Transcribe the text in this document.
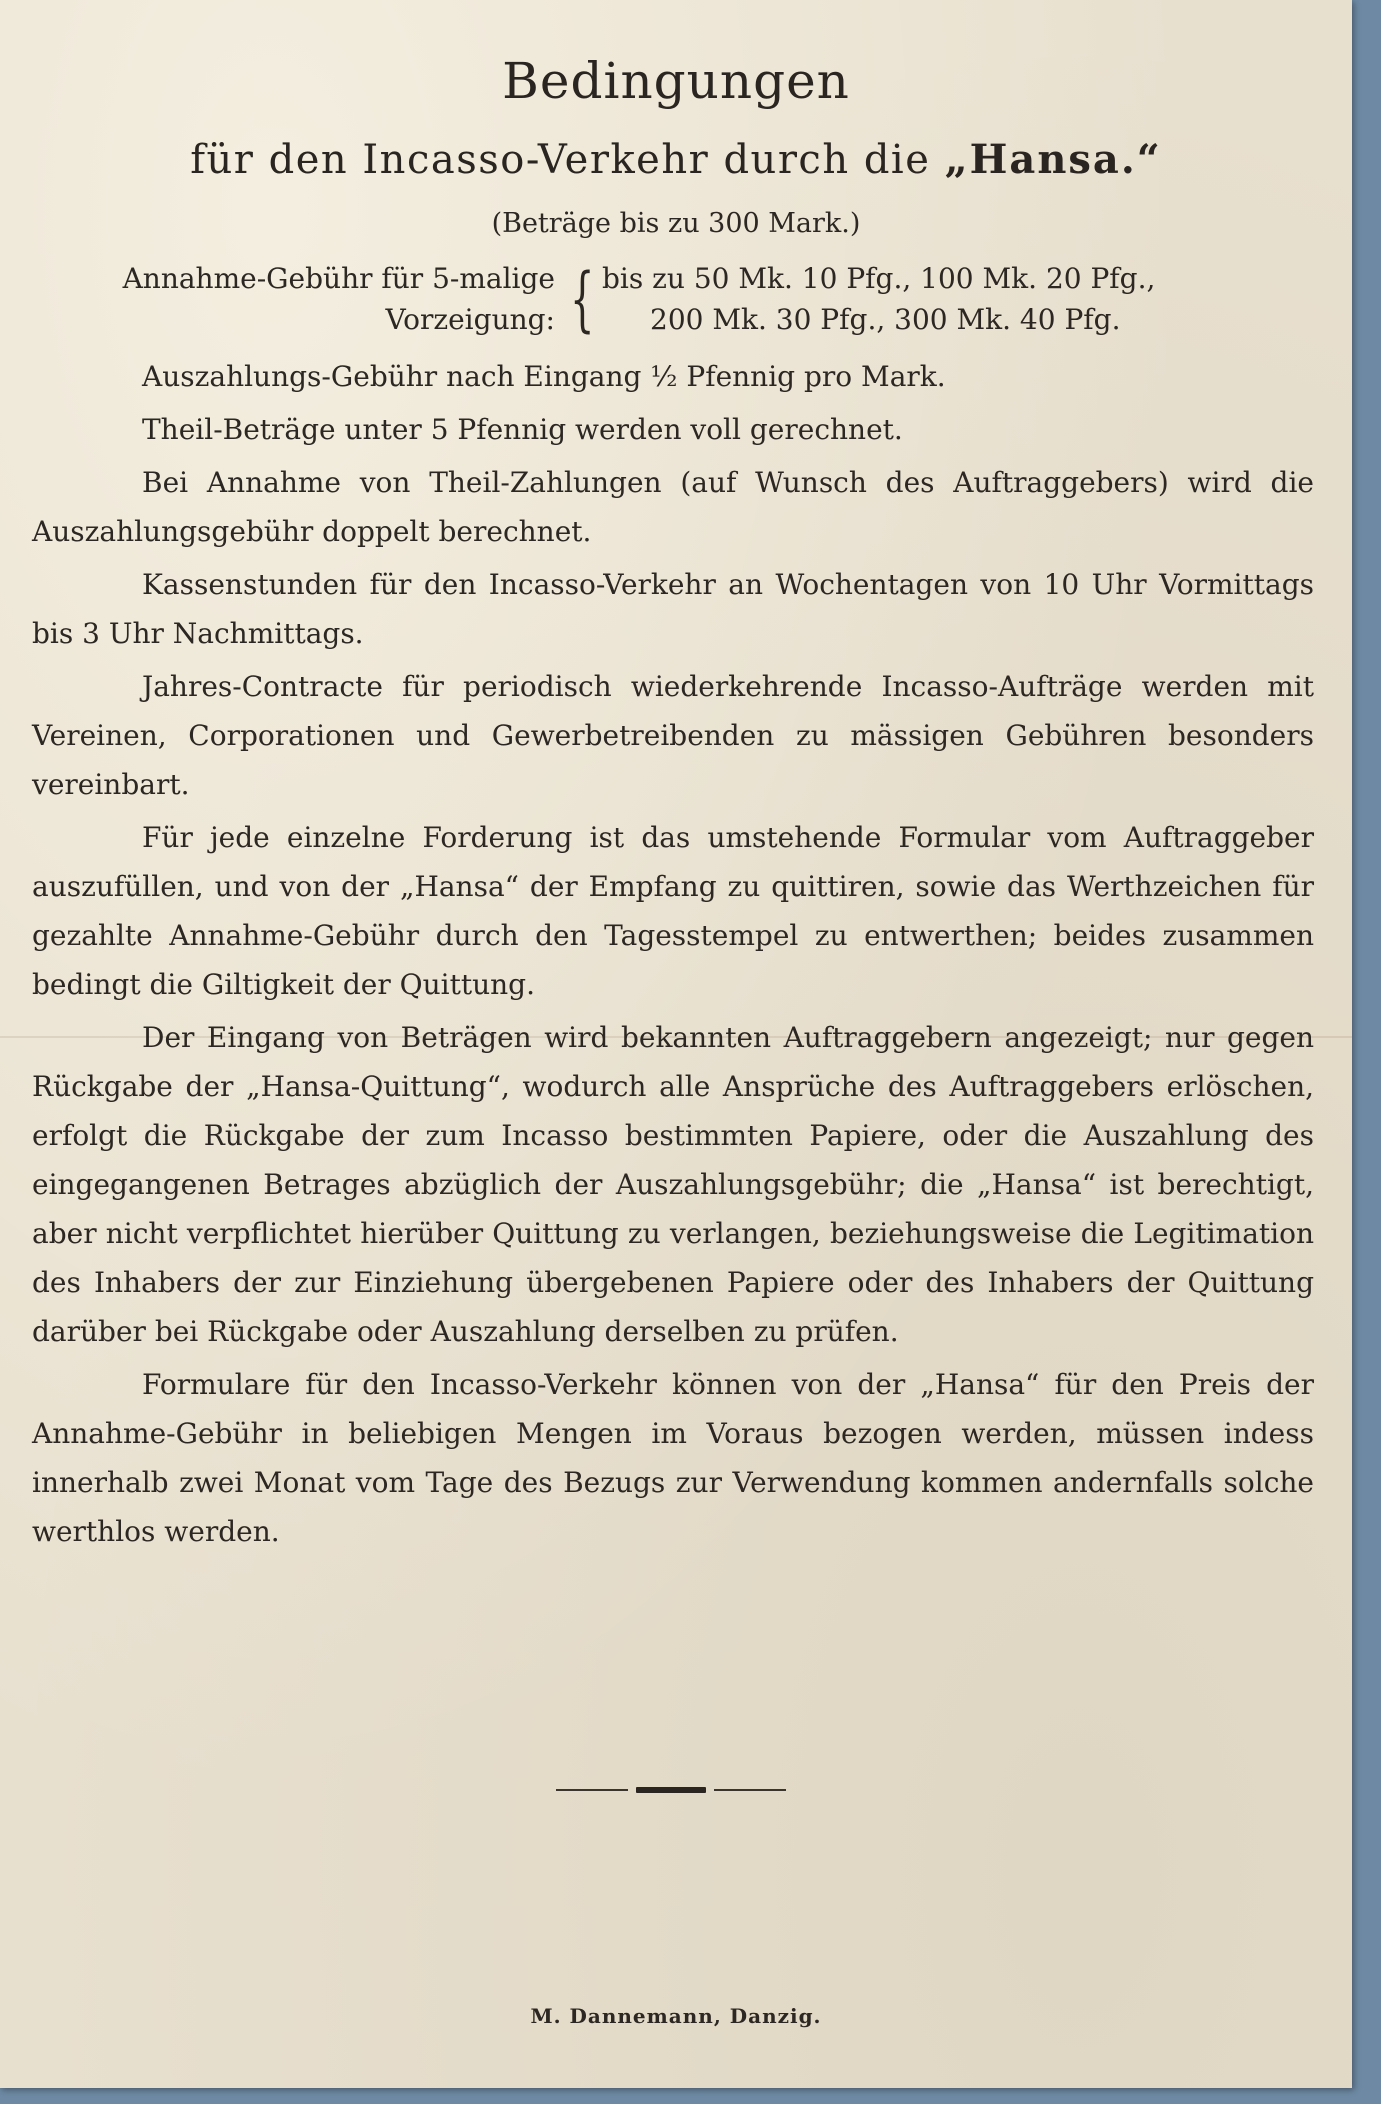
Bedingungen
für den Incasso-Verkehr durch die „Hansa.“
(Beträge bis zu 300 Mark.)
Annahme-Gebühr für 5-malige
Vorzeigung: { bis zu 50 Mk. 10 Pfg., 100 Mk. 20 Pfg.,
200 Mk. 30 Pfg., 300 Mk. 40 Pfg.

Auszahlungs-Gebühr nach Eingang ½ Pfennig pro Mark.

Theil-Beträge unter 5 Pfennig werden voll gerechnet.

Bei Annahme von Theil-Zahlungen (auf Wunsch des Auftraggebers) wird die Auszahlungsgebühr doppelt berechnet.

Kassenstunden für den Incasso-Verkehr an Wochentagen von 10 Uhr Vormittags bis 3 Uhr Nachmittags.

Jahres-Contracte für periodisch wiederkehrende Incasso-Aufträge werden mit Vereinen, Corporationen und Gewerbetreibenden zu mässigen Gebühren besonders vereinbart.

Für jede einzelne Forderung ist das umstehende Formular vom Auftraggeber auszufüllen, und von der „Hansa“ der Empfang zu quittiren, sowie das Werthzeichen für gezahlte Annahme-Gebühr durch den Tagesstempel zu entwerthen; beides zusammen bedingt die Giltigkeit der Quittung.

Der Eingang von Beträgen wird bekannten Auftraggebern angezeigt; nur gegen Rückgabe der „Hansa-Quittung“, wodurch alle Ansprüche des Auftraggebers erlöschen, erfolgt die Rückgabe der zum Incasso bestimmten Papiere, oder die Auszahlung des eingegangenen Betrages abzüglich der Auszahlungsgebühr; die „Hansa“ ist berechtigt, aber nicht verpflichtet hierüber Quittung zu verlangen, beziehungsweise die Legitimation des Inhabers der zur Einziehung übergebenen Papiere oder des Inhabers der Quittung darüber bei Rückgabe oder Auszahlung derselben zu prüfen.

Formulare für den Incasso-Verkehr können von der „Hansa“ für den Preis der Annahme-Gebühr in beliebigen Mengen im Voraus bezogen werden, müssen indess innerhalb zwei Monat vom Tage des Bezugs zur Verwendung kommen andernfalls solche werthlos werden.

M. Dannemann, Danzig.
